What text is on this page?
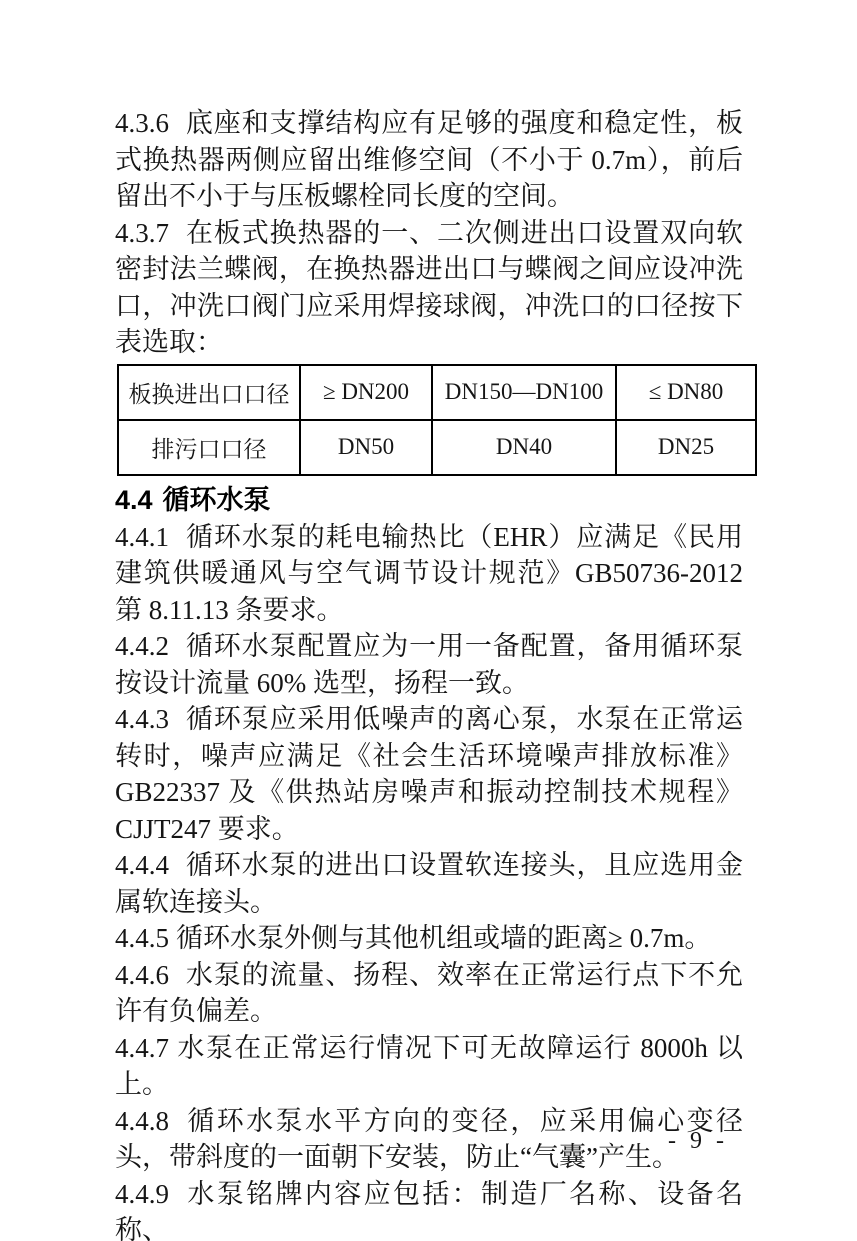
4.3.6 底座和支撑结构应有足够的强度和稳定性，板式换热器两侧应留出维修空间（不小于 0.7m），前后留出不小于与压板螺栓同长度的空间。

4.3.7 在板式换热器的一、二次侧进出口设置双向软密封法兰蝶阀，在换热器进出口与蝶阀之间应设冲洗口，冲洗口阀门应采用焊接球阀，冲洗口的口径按下表选取：

板换进出口口径	≥ DN200	DN150—DN100	≤ DN80
排污口口径	DN50	DN40	DN25
4.4 循环水泵

4.4.1 循环水泵的耗电输热比（EHR）应满足《民用建筑供暖通风与空气调节设计规范》GB50736-2012 第 8.11.13 条要求。

4.4.2 循环水泵配置应为一用一备配置，备用循环泵按设计流量 60% 选型，扬程一致。

4.4.3 循环泵应采用低噪声的离心泵，水泵在正常运转时，噪声应满足《社会生活环境噪声排放标准》GB22337 及《供热站房噪声和振动控制技术规程》CJJT247 要求。

4.4.4 循环水泵的进出口设置软连接头，且应选用金属软连接头。

4.4.5 循环水泵外侧与其他机组或墙的距离≥ 0.7m。

4.4.6 水泵的流量、扬程、效率在正常运行点下不允许有负偏差。

4.4.7 水泵在正常运行情况下可无故障运行 8000h 以上。

4.4.8 循环水泵水平方向的变径，应采用偏心变径头，带斜度的一面朝下安装，防止“气囊”产生。

4.4.9 水泵铭牌内容应包括：制造厂名称、设备名称、

- 9 -
